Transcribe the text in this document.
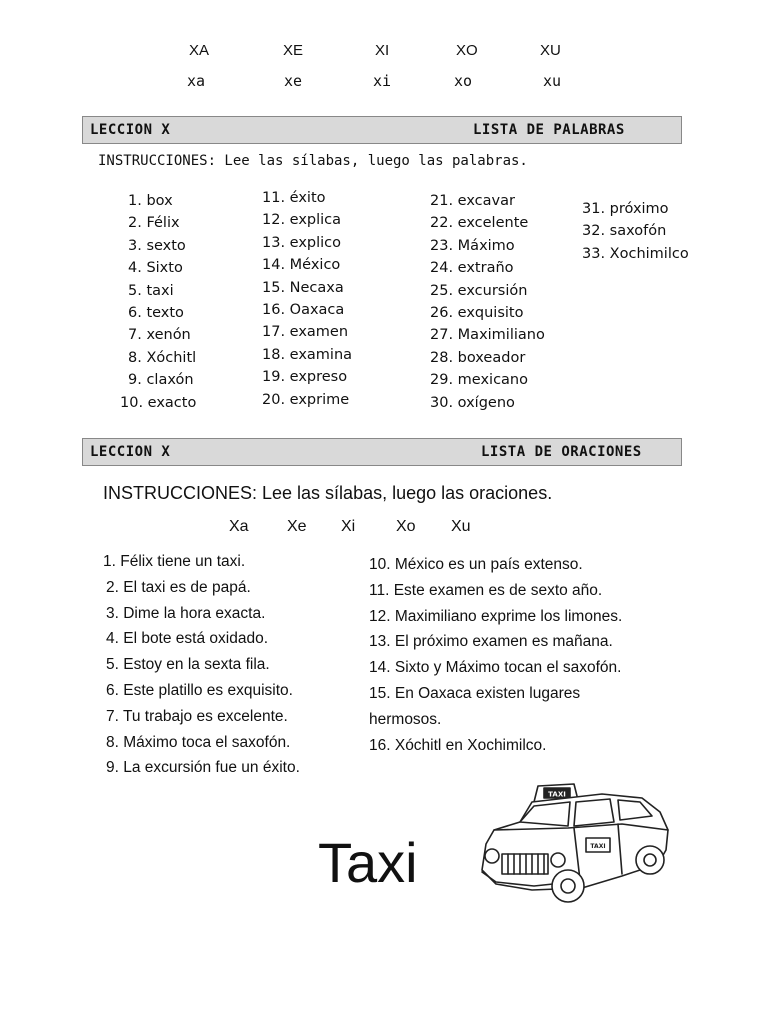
XA	XE	XI	XO	XU
xa	xe	xi	xo	xu
LECCION X	LISTA DE PALABRAS
INSTRUCCIONES: Lee las sílabas, luego las palabras.
1. box
2. Félix
3. sexto
4. Sixto
5. taxi
6. texto
7. xenón
8. Xóchitl
9. claxón
10. exacto
11. éxito
12. explica
13. explico
14. México
15. Necaxa
16. Oaxaca
17. examen
18. examina
19. expreso
20. exprime
21. excavar
22. excelente
23. Máximo
24. extraño
25. excursión
26. exquisito
27. Maximiliano
28. boxeador
29. mexicano
30. oxígeno
31. próximo
32. saxofón
33. Xochimilco
LECCION X	LISTA DE ORACIONES
INSTRUCCIONES: Lee las sílabas, luego las oraciones.
Xa Xe Xi	Xo Xu
1. Félix tiene un taxi.
2. El taxi es de papá.
3. Dime la hora exacta.
4. El bote está oxidado.
5. Estoy en la sexta fila.
6. Este platillo es exquisito.
7. Tu trabajo es excelente.
8. Máximo toca el saxofón.
9. La excursión fue un éxito.
10. México es un país extenso.
11. Este examen es de sexto año.
12. Maximiliano exprime los limones.
13. El próximo examen es mañana.
14. Sixto y Máximo tocan el saxofón.
15. En Oaxaca existen lugares
hermosos.
16. Xóchitl en Xochimilco.
Taxi
TAXI
TAXI
